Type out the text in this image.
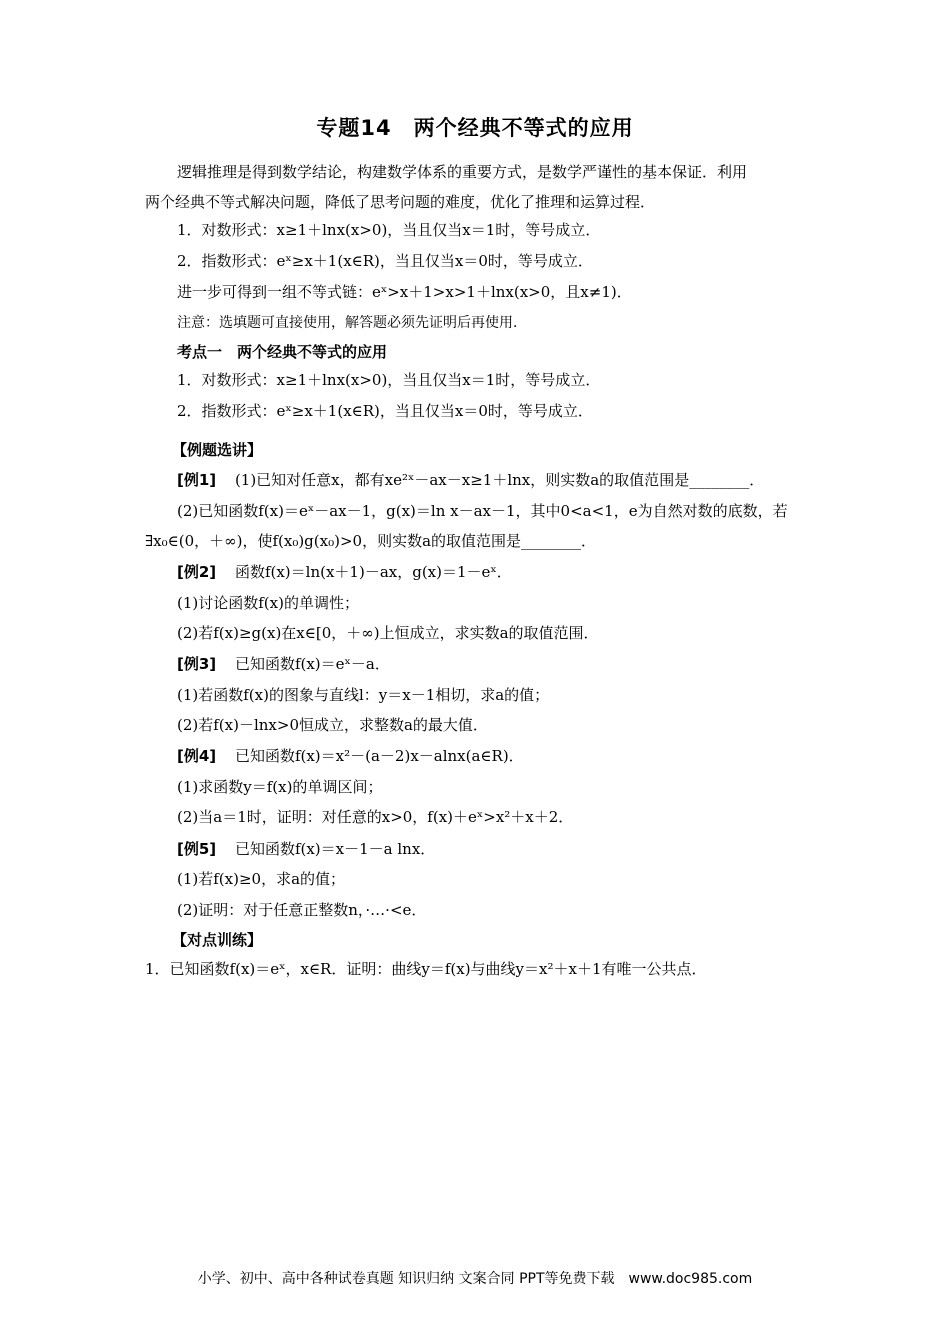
专题14　两个经典不等式的应用
逻辑推理是得到数学结论，构建数学体系的重要方式，是数学严谨性的基本保证．利用
两个经典不等式解决问题，降低了思考问题的难度，优化了推理和运算过程．
1．对数形式：x≥1＋lnx(x>0)，当且仅当x＝1时，等号成立．
2．指数形式：eˣ≥x＋1(x∈R)，当且仅当x＝0时，等号成立．
进一步可得到一组不等式链：eˣ>x＋1>x>1＋lnx(x>0，且x≠1)．
注意：选填题可直接使用，解答题必须先证明后再使用．
考点一　两个经典不等式的应用
1．对数形式：x≥1＋lnx(x>0)，当且仅当x＝1时，等号成立．
2．指数形式：eˣ≥x＋1(x∈R)，当且仅当x＝0时，等号成立．
【例题选讲】
[例1] (1)已知对任意x，都有xe²ˣ－ax－x≥1＋lnx，则实数a的取值范围是________．
(2)已知函数f(x)＝eˣ－ax－1，g(x)＝ln x－ax－1，其中0<a<1，e为自然对数的底数，若
∃x₀∈(0，＋∞)，使f(x₀)g(x₀)>0，则实数a的取值范围是________．
[例2] 函数f(x)＝ln(x＋1)－ax，g(x)＝1－eˣ．
(1)讨论函数f(x)的单调性；
(2)若f(x)≥g(x)在x∈[0，＋∞)上恒成立，求实数a的取值范围．
[例3] 已知函数f(x)＝eˣ－a．
(1)若函数f(x)的图象与直线l：y＝x－1相切，求a的值；
(2)若f(x)－lnx>0恒成立，求整数a的最大值．
[例4] 已知函数f(x)＝x²－(a－2)x－alnx(a∈R)．
(1)求函数y＝f(x)的单调区间；
(2)当a＝1时，证明：对任意的x>0，f(x)＋eˣ>x²＋x＋2．
[例5] 已知函数f(x)＝x－1－a lnx．
(1)若f(x)≥0，求a的值；
(2)证明：对于任意正整数n，·…·<e．
【对点训练】
1．已知函数f(x)＝eˣ，x∈R．证明：曲线y＝f(x)与曲线y＝x²＋x＋1有唯一公共点．
小学、初中、高中各种试卷真题 知识归纳 文案合同 PPT等免费下载　www.doc985.com
